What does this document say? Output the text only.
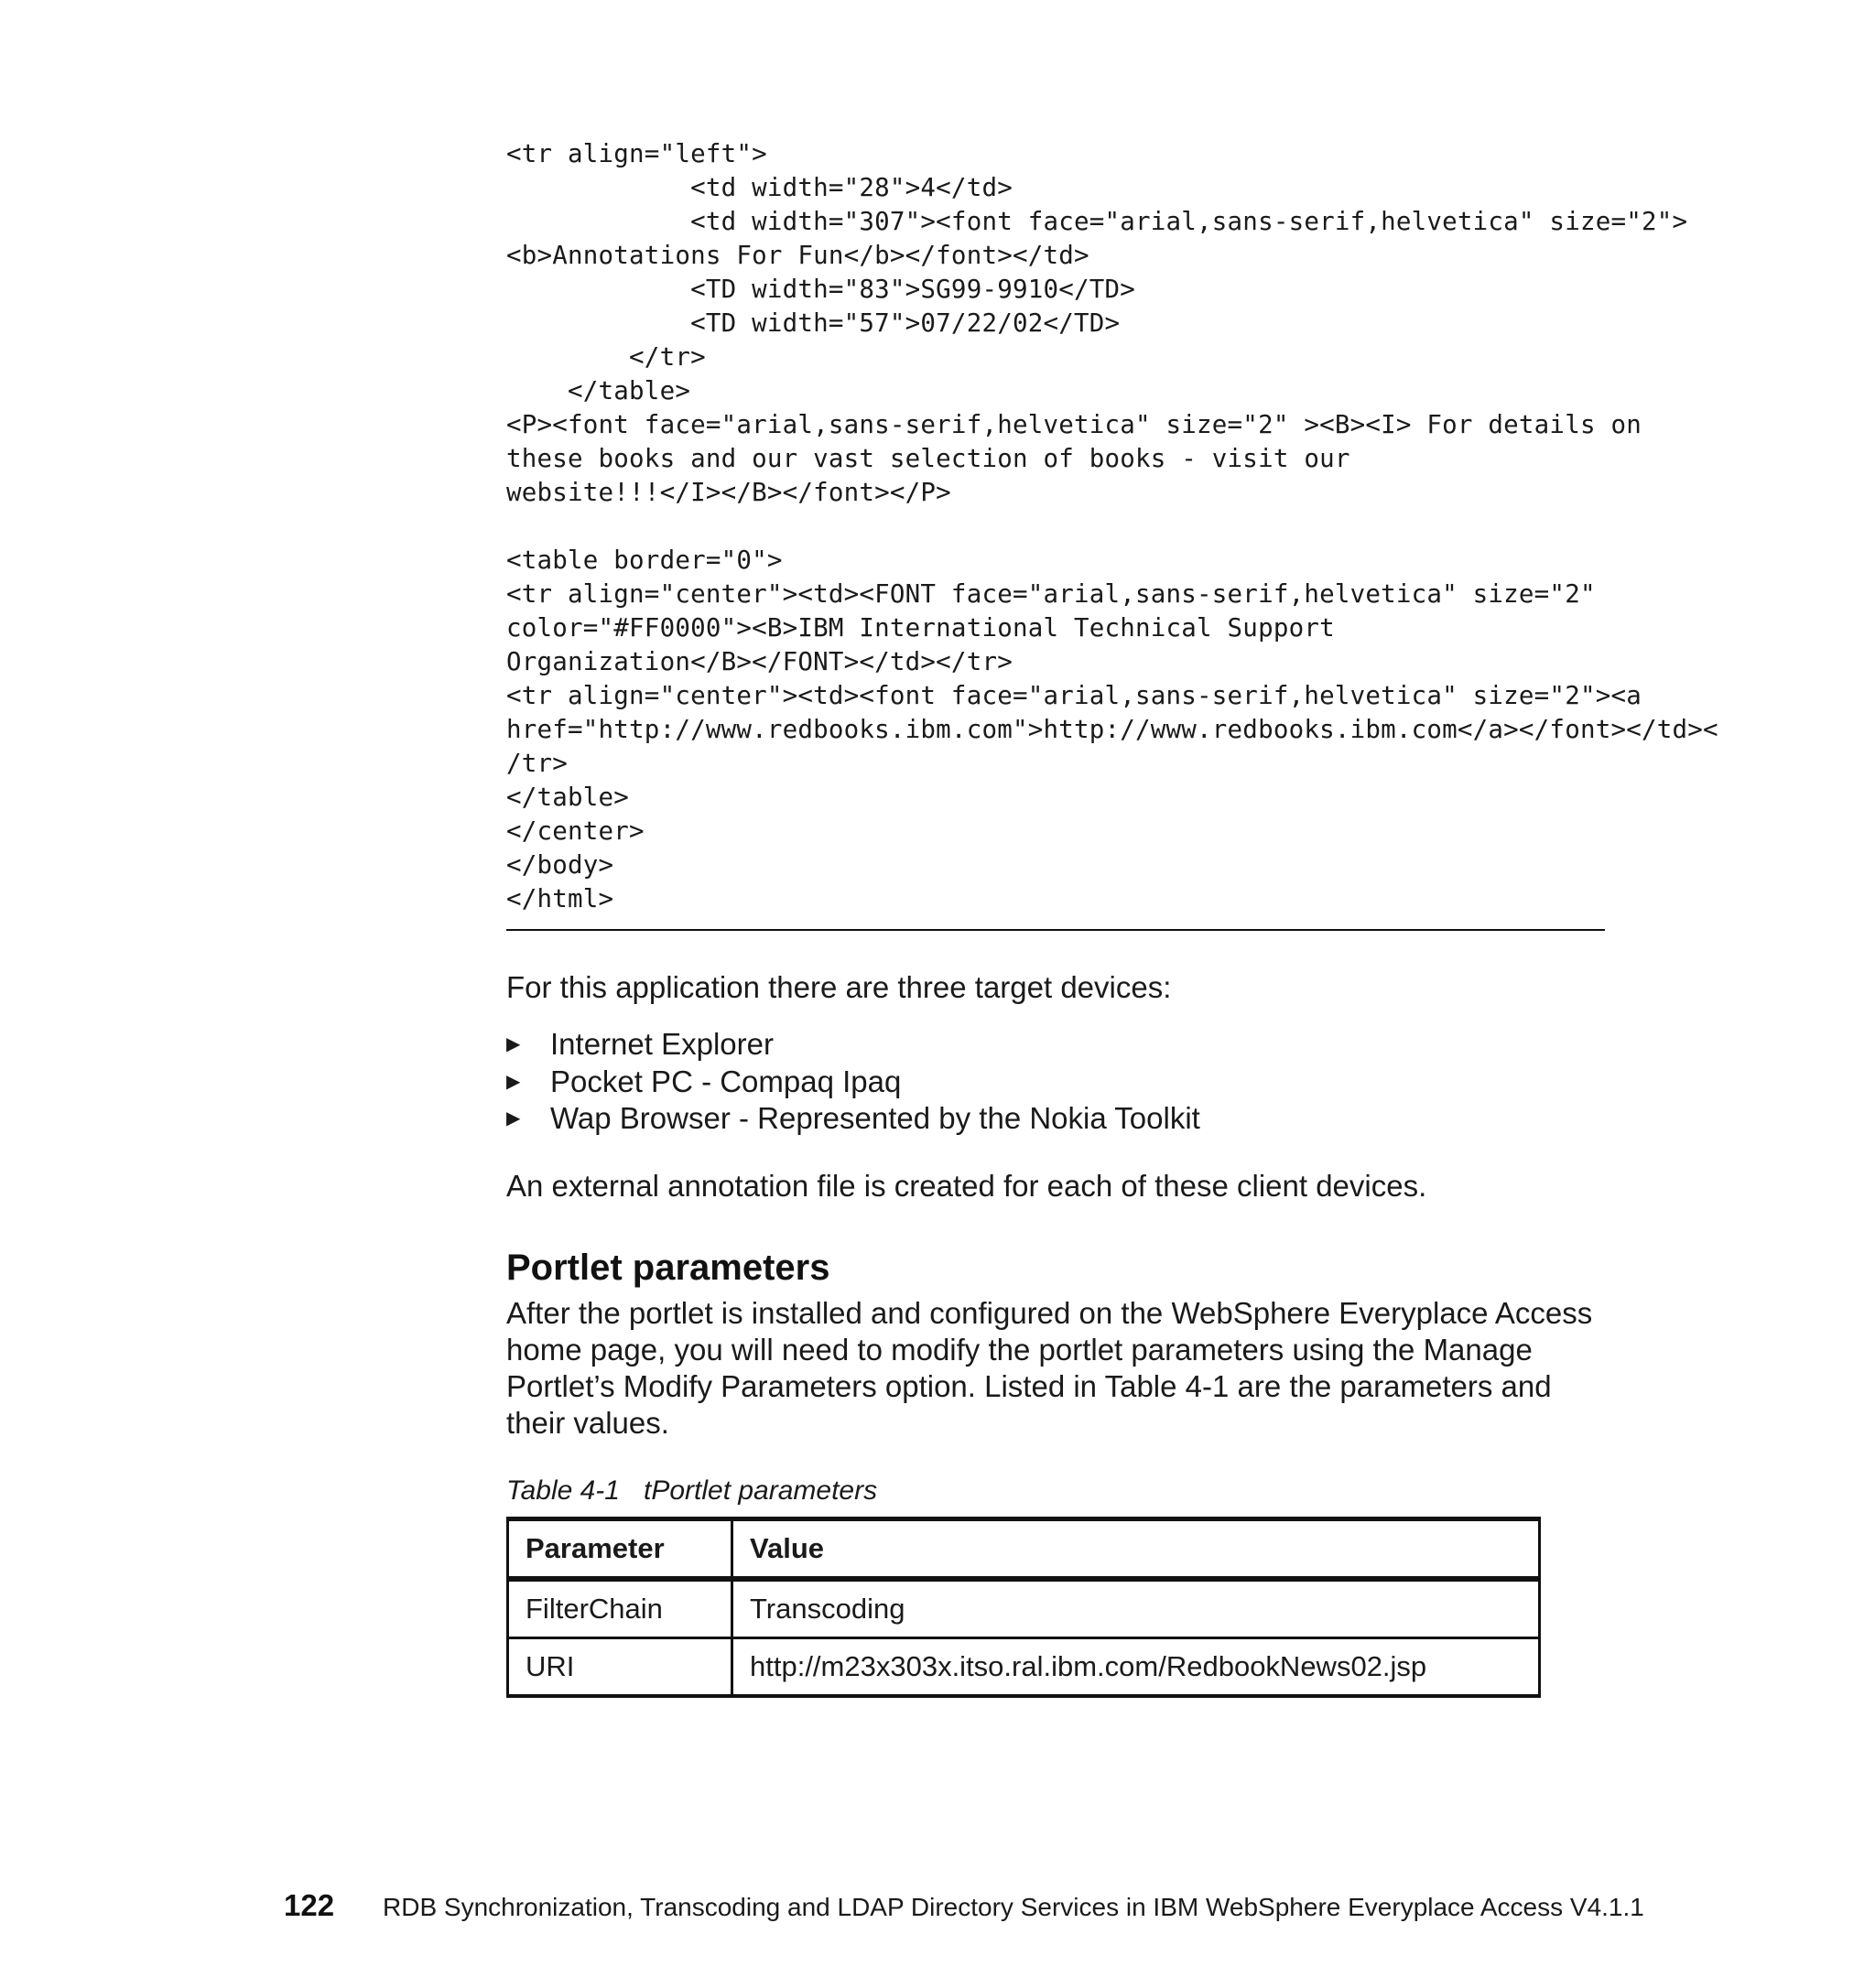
<tr align="left">
<td width="28">4</td>
<td width="307"><font face="arial,sans-serif,helvetica" size="2">
<b>Annotations For Fun</b></font></td>
<TD width="83">SG99-9910</TD>
<TD width="57">07/22/02</TD>
</tr>
</table>
<P><font face="arial,sans-serif,helvetica" size="2" ><B><I> For details on
these books and our vast selection of books - visit our
website!!!</I></B></font></P>

<table border="0">
<tr align="center"><td><FONT face="arial,sans-serif,helvetica" size="2"
color="#FF0000"><B>IBM International Technical Support
Organization</B></FONT></td></tr>
<tr align="center"><td><font face="arial,sans-serif,helvetica" size="2"><a
href="http://www.redbooks.ibm.com">http://www.redbooks.ibm.com</a></font></td><
/tr>
</table>
</center>
</body>
</html>

For this application there are three target devices:

▶ Internet Explorer
▶ Pocket PC - Compaq Ipaq
▶ Wap Browser - Represented by the Nokia Toolkit

An external annotation file is created for each of these client devices.

Portlet parameters

After the portlet is installed and configured on the WebSphere Everyplace Access home page, you will need to modify the portlet parameters using the Manage Portlet’s Modify Parameters option. Listed in Table 4-1 are the parameters and their values.

Table 4-1 tPortlet parameters
Parameter	Value
FilterChain	Transcoding
URI	http://m23x303x.itso.ral.ibm.com/RedbookNews02.jsp
122	RDB Synchronization, Transcoding and LDAP Directory Services in IBM WebSphere Everyplace Access V4.1.1
